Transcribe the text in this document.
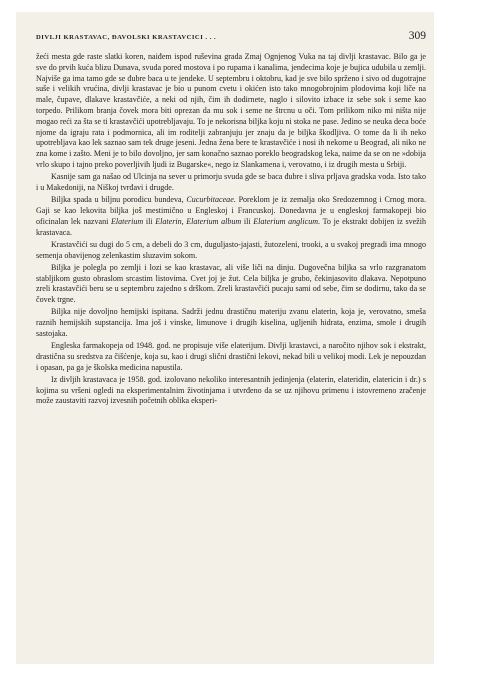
DIVLJI KRASTAVAC, ĐAVOLSKI KRASTAVCICI . . .	309

žeći mesta gde raste slatki koren, naiđem ispod ruševina grada Zmaj Ognjenog Vuka na taj divlji krastavac. Bilo ga je sve do prvih kuća blizu Dunava, svuda pored mostova i po rupama i kanalima, jendecima koje je bujica udubila u zemlji. Najviše ga ima tamo gde se đubre baca u te jendeke. U septembru i oktobru, kad je sve bilo sprženo i sivo od dugotrajne suše i velikih vrućina, divlji krastavac je bio u punom cvetu i okićen isto tako mnogobrojnim plodovima koji liče na male, čupave, dlakave krastavčiće, a neki od njih, čim ih dodirnete, naglo i silovito izbace iz sebe sok i seme kao torpedo. Prilikom branja čovek mora biti oprezan da mu sok i seme ne štrcnu u oči. Tom prilikom niko mi ništa nije mogao reći za šta se ti krastavčići upotrebljavaju. To je nekorisna biljka koju ni stoka ne pase. Jedino se neuka deca boće njome da igraju rata i podmornica, ali im roditelji zabranjuju jer znaju da je biljka škodljiva. O tome da li ih neko upotrebljava kao lek saznao sam tek druge jeseni. Jedna žena bere te krastavčiće i nosi ih nekome u Beograd, ali niko ne zna kome i zašto. Meni je to bilo dovoljno, jer sam konačno saznao poreklo beogradskog leka, naime da se on ne »dobija vrlo skupo i tajno preko poverljivih ljudi iz Bugarske«, nego iz Slankamena i, verovatno, i iz drugih mesta u Srbiji.

Kasnije sam ga našao od Ulcinja na sever u primorju svuda gde se baca đubre i sliva prljava gradska voda. Isto tako i u Makedoniji, na Niškoj tvrđavi i drugde.

Biljka spada u biljnu porodicu bundeva, Cucurbitaceae. Poreklom je iz zemalja oko Sredozemnog i Crnog mora. Gaji se kao lekovita biljka još mestimično u Engleskoj i Francuskoj. Donedavna je u engleskoj farmakopeji bio oficinalan lek nazvani Elaterium ili Elaterin, Elaterium album ili Elaterium anglicum. To je ekstrakt dobijen iz svežih krastavaca.

Krastavčići su dugi do 5 cm, a debeli do 3 cm, duguljasto-jajasti, žutozeleni, trooki, a u svakoj pregradi ima mnogo semenja obavijenog zelenkastim sluzavim sokom.

Biljka je polegla po zemlji i lozi se kao krastavac, ali više liči na dinju. Dugovečna biljka sa vrlo razgranatom stabljikom gusto obraslom srcastim listovima. Cvet joj je žut. Cela biljka je grubo, čekinjasovito dlakava. Nepotpuno zreli krastavčići beru se u septembru zajedno s drškom. Zreli krastavčići pucaju sami od sebe, čim se dodirnu, tako da se čovek trgne.

Biljka nije dovoljno hemijski ispitana. Sadrži jednu drastičnu materiju zvanu elaterin, koja je, verovatno, smeša raznih hemijskih supstancija. Ima još i vinske, limunove i drugih kiselina, ugljenih hidrata, enzima, smole i drugih sastojaka.

Engleska farmakopeja od 1948. god. ne propisuje više elaterijum. Divlji krastavci, a naročito njihov sok i ekstrakt, drastična su sredstva za čišćenje, koja su, kao i drugi slični drastični lekovi, nekad bili u velikoj modi. Lek je nepouzdan i opasan, pa ga je školska medicina napustila.

Iz divljih krastavaca je 1958. god. izolovano nekoliko interesantnih jedinjenja (elaterin, elateridin, elatericin i dr.) s kojima su vršeni ogledi na eksperimentalnim životinjama i utvrđeno da se uz njihovu primenu i istovremeno zračenje može zaustaviti razvoj izvesnih početnih oblika eksperi-
